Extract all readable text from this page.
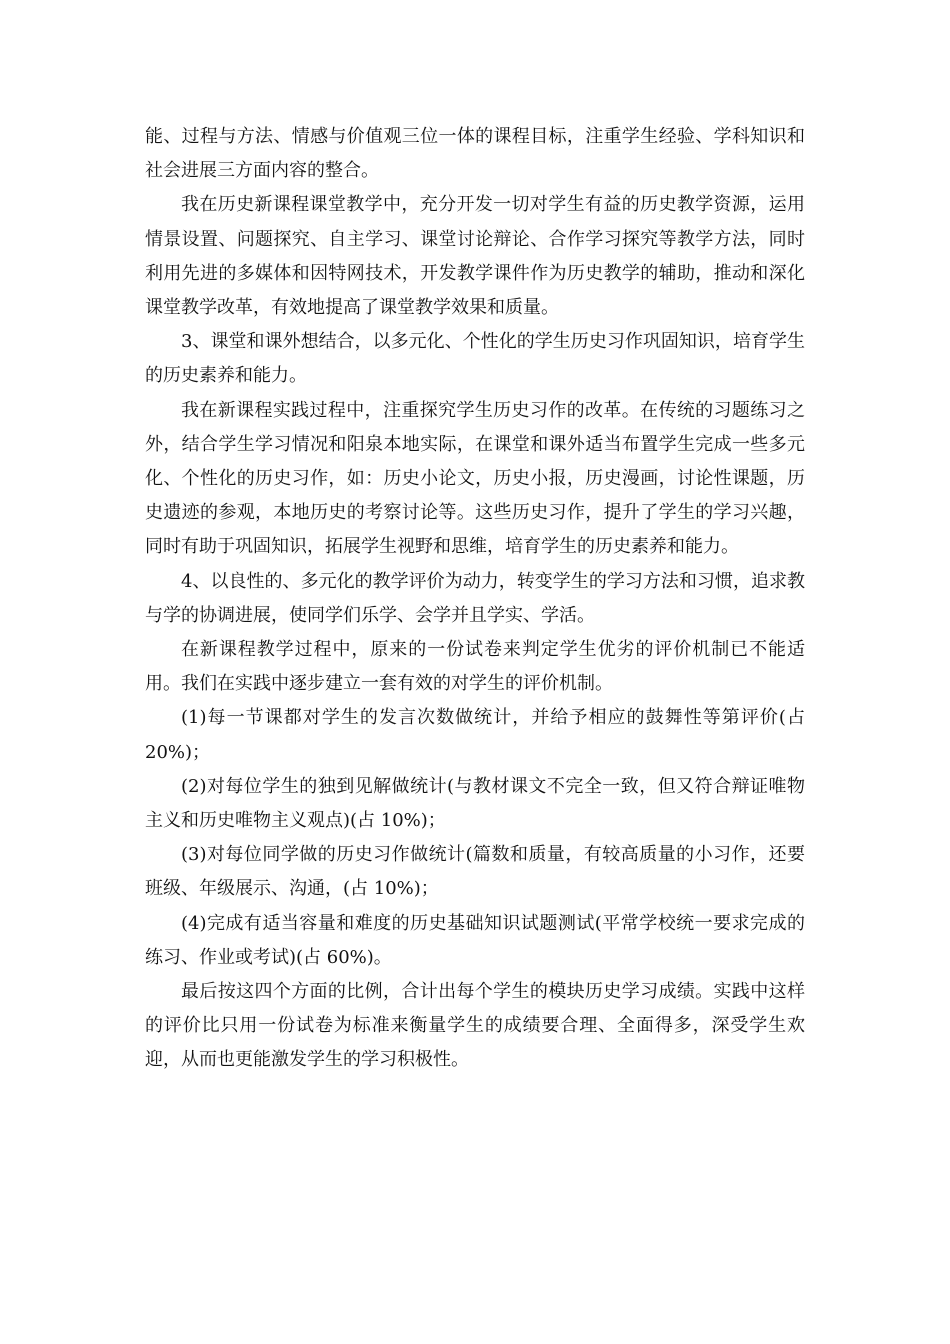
能、过程与方法、情感与价值观三位一体的课程目标，注重学生经验、学科知识和社会进展三方面内容的整合。

我在历史新课程课堂教学中，充分开发一切对学生有益的历史教学资源，运用情景设置、问题探究、自主学习、课堂讨论辩论、合作学习探究等教学方法，同时利用先进的多媒体和因特网技术，开发教学课件作为历史教学的辅助，推动和深化课堂教学改革，有效地提高了课堂教学效果和质量。

3、课堂和课外想结合，以多元化、个性化的学生历史习作巩固知识，培育学生的历史素养和能力。

我在新课程实践过程中，注重探究学生历史习作的改革。在传统的习题练习之外，结合学生学习情况和阳泉本地实际，在课堂和课外适当布置学生完成一些多元化、个性化的历史习作，如：历史小论文，历史小报，历史漫画，讨论性课题，历史遗迹的参观，本地历史的考察讨论等。这些历史习作，提升了学生的学习兴趣，同时有助于巩固知识，拓展学生视野和思维，培育学生的历史素养和能力。

4、以良性的、多元化的教学评价为动力，转变学生的学习方法和习惯，追求教与学的协调进展，使同学们乐学、会学并且学实、学活。

在新课程教学过程中，原来的一份试卷来判定学生优劣的评价机制已不能适用。我们在实践中逐步建立一套有效的对学生的评价机制。

(1)每一节课都对学生的发言次数做统计，并给予相应的鼓舞性等第评价(占 20%)；

(2)对每位学生的独到见解做统计(与教材课文不完全一致，但又符合辩证唯物主义和历史唯物主义观点)(占 10%)；

(3)对每位同学做的历史习作做统计(篇数和质量，有较高质量的小习作，还要班级、年级展示、沟通，(占 10%)；

(4)完成有适当容量和难度的历史基础知识试题测试(平常学校统一要求完成的练习、作业或考试)(占 60%)。

最后按这四个方面的比例，合计出每个学生的模块历史学习成绩。实践中这样的评价比只用一份试卷为标准来衡量学生的成绩要合理、全面得多，深受学生欢迎，从而也更能激发学生的学习积极性。
